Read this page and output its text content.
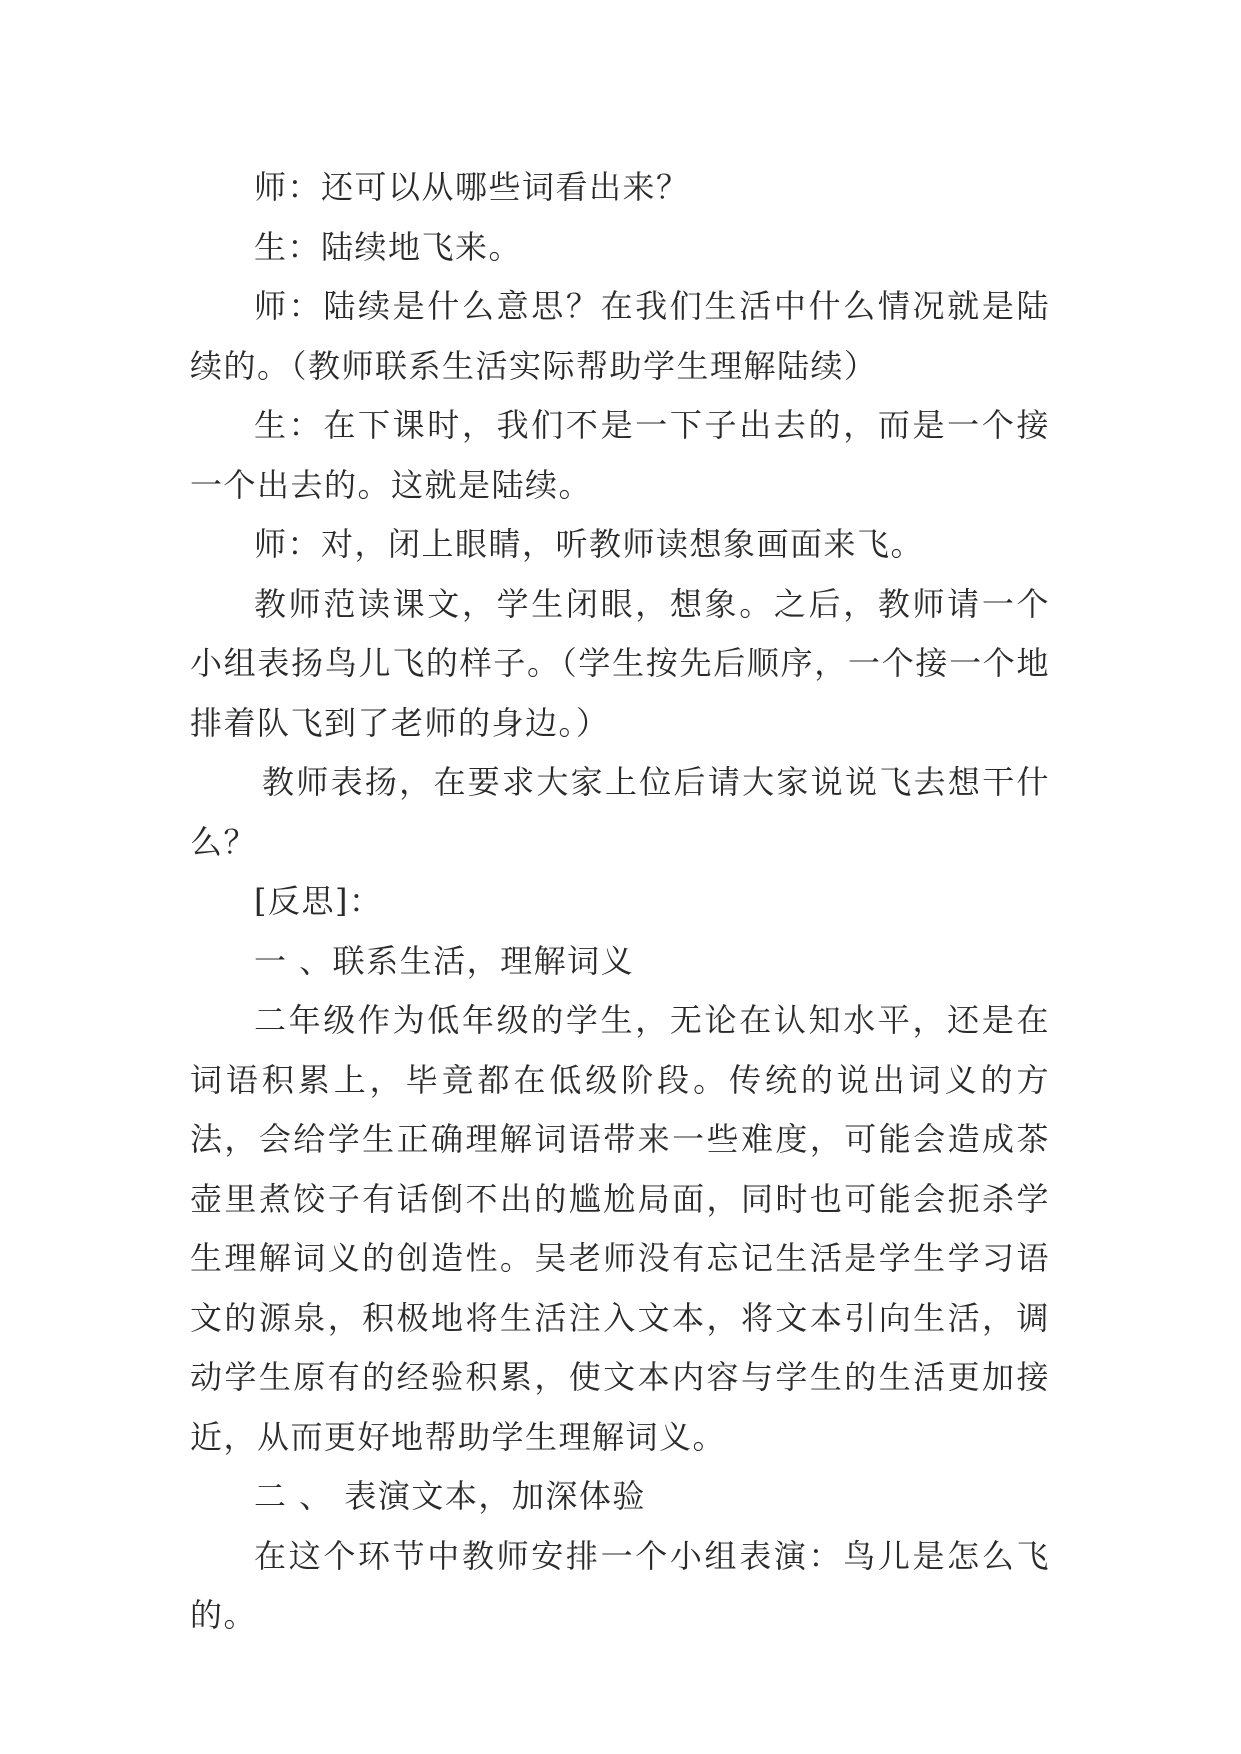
师：还可以从哪些词看出来？

生：陆续地飞来。

师：陆续是什么意思？在我们生活中什么情况就是陆续的。（教师联系生活实际帮助学生理解陆续）

生：在下课时，我们不是一下子出去的，而是一个接一个出去的。这就是陆续。

师：对，闭上眼睛，听教师读想象画面来飞。

教师范读课文，学生闭眼，想象。之后，教师请一个小组表扬鸟儿飞的样子。（学生按先后顺序，一个接一个地排着队飞到了老师的身边。）

教师表扬，在要求大家上位后请大家说说飞去想干什么？

[反思]：

一 、联系生活，理解词义

二年级作为低年级的学生，无论在认知水平，还是在词语积累上，毕竟都在低级阶段。传统的说出词义的方法，会给学生正确理解词语带来一些难度，可能会造成茶壶里煮饺子有话倒不出的尴尬局面，同时也可能会扼杀学生理解词义的创造性。吴老师没有忘记生活是学生学习语文的源泉，积极地将生活注入文本，将文本引向生活，调动学生原有的经验积累，使文本内容与学生的生活更加接近，从而更好地帮助学生理解词义。

二 、 表演文本，加深体验

在这个环节中教师安排一个小组表演：鸟儿是怎么飞的。
